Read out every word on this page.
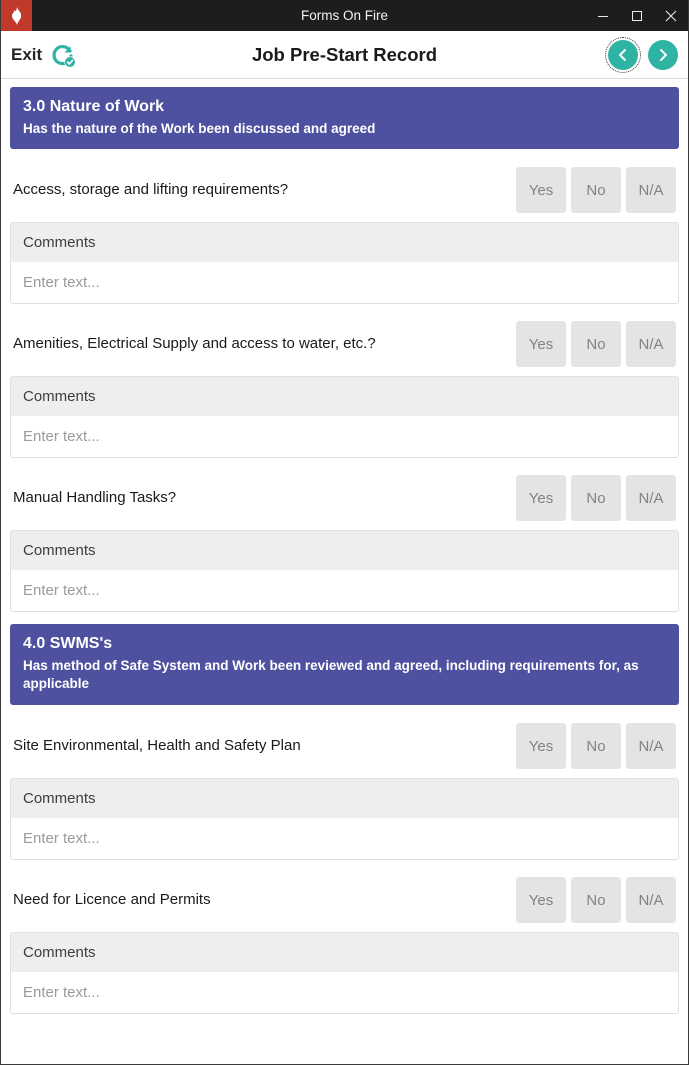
Forms On Fire
Exit	Job Pre-Start Record
3.0 Nature of Work
Has the nature of the Work been discussed and agreed
Access, storage and lifting requirements?	Yes	No	N/A
Comments
Enter text...
Amenities, Electrical Supply and access to water, etc.?	Yes	No	N/A
Comments
Enter text...
Manual Handling Tasks?	Yes	No	N/A
Comments
Enter text...
4.0 SWMS's
Has method of Safe System and Work been reviewed and agreed, including requirements for, as applicable
Site Environmental, Health and Safety Plan	Yes	No	N/A
Comments
Enter text...
Need for Licence and Permits	Yes	No	N/A
Comments
Enter text...
